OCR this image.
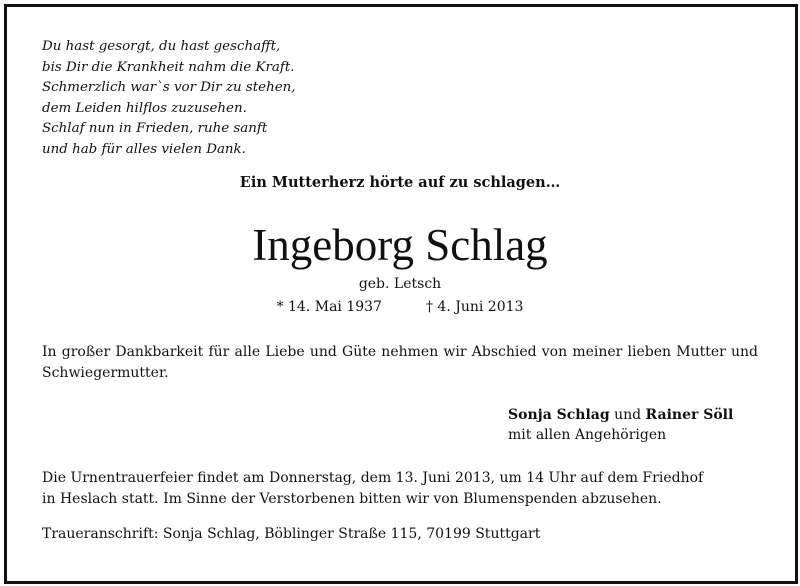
Du hast gesorgt, du hast geschafft,
bis Dir die Krankheit nahm die Kraft.
Schmerzlich war`s vor Dir zu stehen,
dem Leiden hilflos zuzusehen.
Schlaf nun in Frieden, ruhe sanft
und hab für alles vielen Dank.
Ein Mutterherz hörte auf zu schlagen…
Ingeborg Schlag
geb. Letsch
* 14. Mai 1937	† 4. Juni 2013

In großer Dankbarkeit für alle Liebe und Güte nehmen wir Abschied von meiner lieben Mutter und Schwiegermutter.

Sonja Schlag und Rainer Söll
mit allen Angehörigen
Die Urnentrauerfeier findet am Donnerstag, dem 13. Juni 2013, um 14 Uhr auf dem Friedhof
in Heslach statt. Im Sinne der Verstorbenen bitten wir von Blumenspenden abzusehen.
Traueranschrift: Sonja Schlag, Böblinger Straße 115, 70199 Stuttgart
